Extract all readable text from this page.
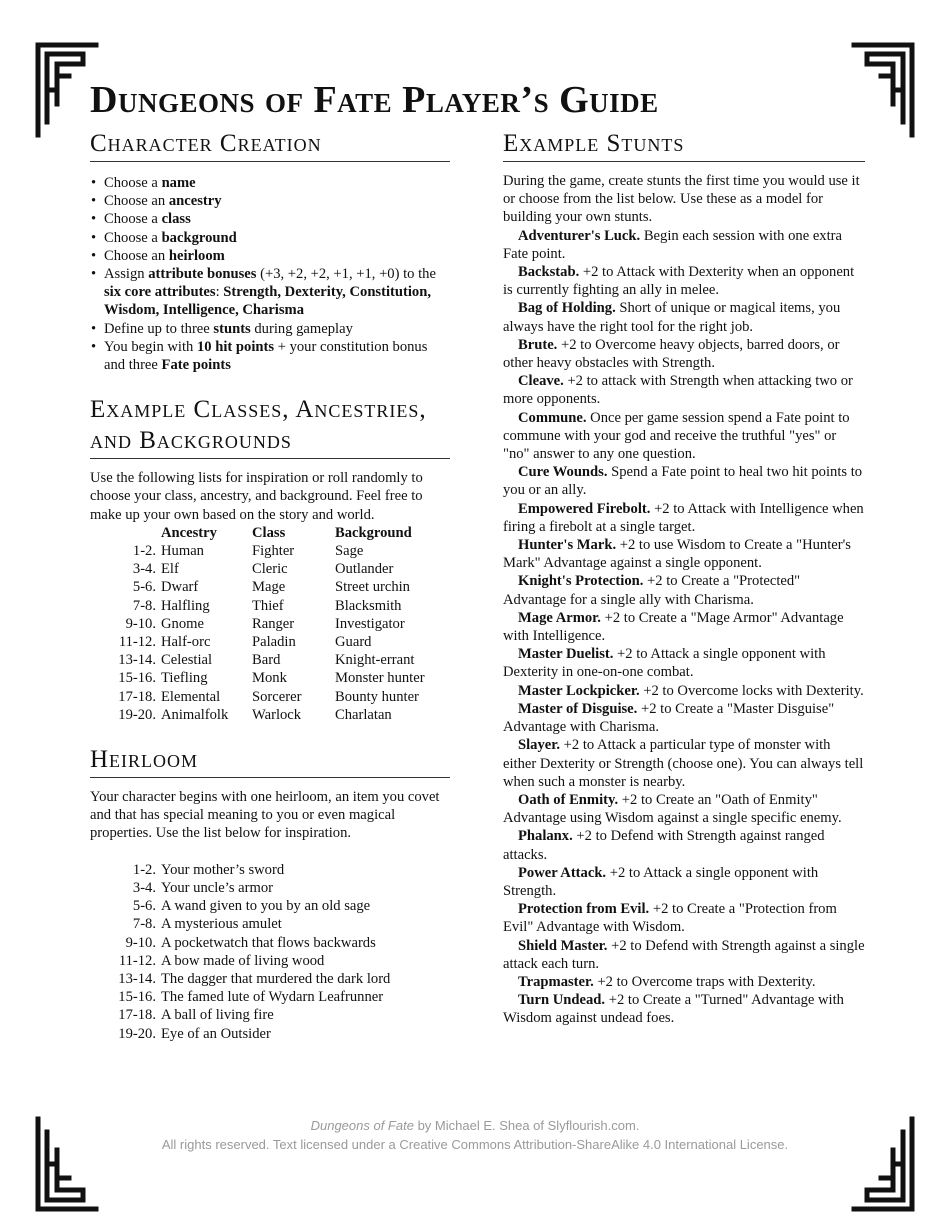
Dungeons of Fate Player’s Guide
Character Creation
• Choose a name
• Choose an ancestry
• Choose a class
• Choose a background
• Choose an heirloom
• Assign attribute bonuses (+3, +2, +2, +1, +1, +0) to the six core attributes: Strength, Dexterity, Constitution, Wisdom, Intelligence, Charisma
• Define up to three stunts during gameplay
• You begin with 10 hit points + your constitution bonus and three Fate points
Example Classes, Ancestries, and Backgrounds

Use the following lists for inspiration or roll randomly to choose your class, ancestry, and background. Feel free to make up your own based on the story and world.

	Ancestry	Class	Background
1-2.	Human	Fighter	Sage
3-4.	Elf	Cleric	Outlander
5-6.	Dwarf	Mage	Street urchin
7-8.	Halfling	Thief	Blacksmith
9-10.	Gnome	Ranger	Investigator
11-12.	Half-orc	Paladin	Guard
13-14.	Celestial	Bard	Knight-errant
15-16.	Tiefling	Monk	Monster hunter
17-18.	Elemental	Sorcerer	Bounty hunter
19-20.	Animalfolk	Warlock	Charlatan
Heirloom

Your character begins with one heirloom, an item you covet and that has special meaning to you or even magical properties. Use the list below for inspiration.

1-2.	Your mother’s sword
3-4.	Your uncle’s armor
5-6.	A wand given to you by an old sage
7-8.	A mysterious amulet
9-10.	A pocketwatch that flows backwards
11-12.	A bow made of living wood
13-14.	The dagger that murdered the dark lord
15-16.	The famed lute of Wydarn Leafrunner
17-18.	A ball of living fire
19-20.	Eye of an Outsider
Example Stunts

During the game, create stunts the first time you would use it or choose from the list below. Use these as a model for building your own stunts.

Adventurer's Luck. Begin each session with one extra Fate point.

Backstab. +2 to Attack with Dexterity when an opponent is currently fighting an ally in melee.

Bag of Holding. Short of unique or magical items, you always have the right tool for the right job.

Brute. +2 to Overcome heavy objects, barred doors, or other heavy obstacles with Strength.

Cleave. +2 to attack with Strength when attacking two or more opponents.

Commune. Once per game session spend a Fate point to commune with your god and receive the truthful "yes" or "no" answer to any one question.

Cure Wounds. Spend a Fate point to heal two hit points to you or an ally.

Empowered Firebolt. +2 to Attack with Intelligence when firing a firebolt at a single target.

Hunter's Mark. +2 to use Wisdom to Create a "Hunter's Mark" Advantage against a single opponent.

Knight's Protection. +2 to Create a "Protected" Advantage for a single ally with Charisma.

Mage Armor. +2 to Create a "Mage Armor" Advantage with Intelligence.

Master Duelist. +2 to Attack a single opponent with Dexterity in one-on-one combat.

Master Lockpicker. +2 to Overcome locks with Dexterity.

Master of Disguise. +2 to Create a "Master Disguise" Advantage with Charisma.

Slayer. +2 to Attack a particular type of monster with either Dexterity or Strength (choose one). You can always tell when such a monster is nearby.

Oath of Enmity. +2 to Create an "Oath of Enmity" Advantage using Wisdom against a single specific enemy.

Phalanx. +2 to Defend with Strength against ranged attacks.

Power Attack. +2 to Attack a single opponent with Strength.

Protection from Evil. +2 to Create a "Protection from Evil" Advantage with Wisdom.

Shield Master. +2 to Defend with Strength against a single attack each turn.

Trapmaster. +2 to Overcome traps with Dexterity.

Turn Undead. +2 to Create a "Turned" Advantage with Wisdom against undead foes.

Dungeons of Fate by Michael E. Shea of Slyflourish.com.
All rights reserved. Text licensed under a Creative Commons Attribution-ShareAlike 4.0 International License.
